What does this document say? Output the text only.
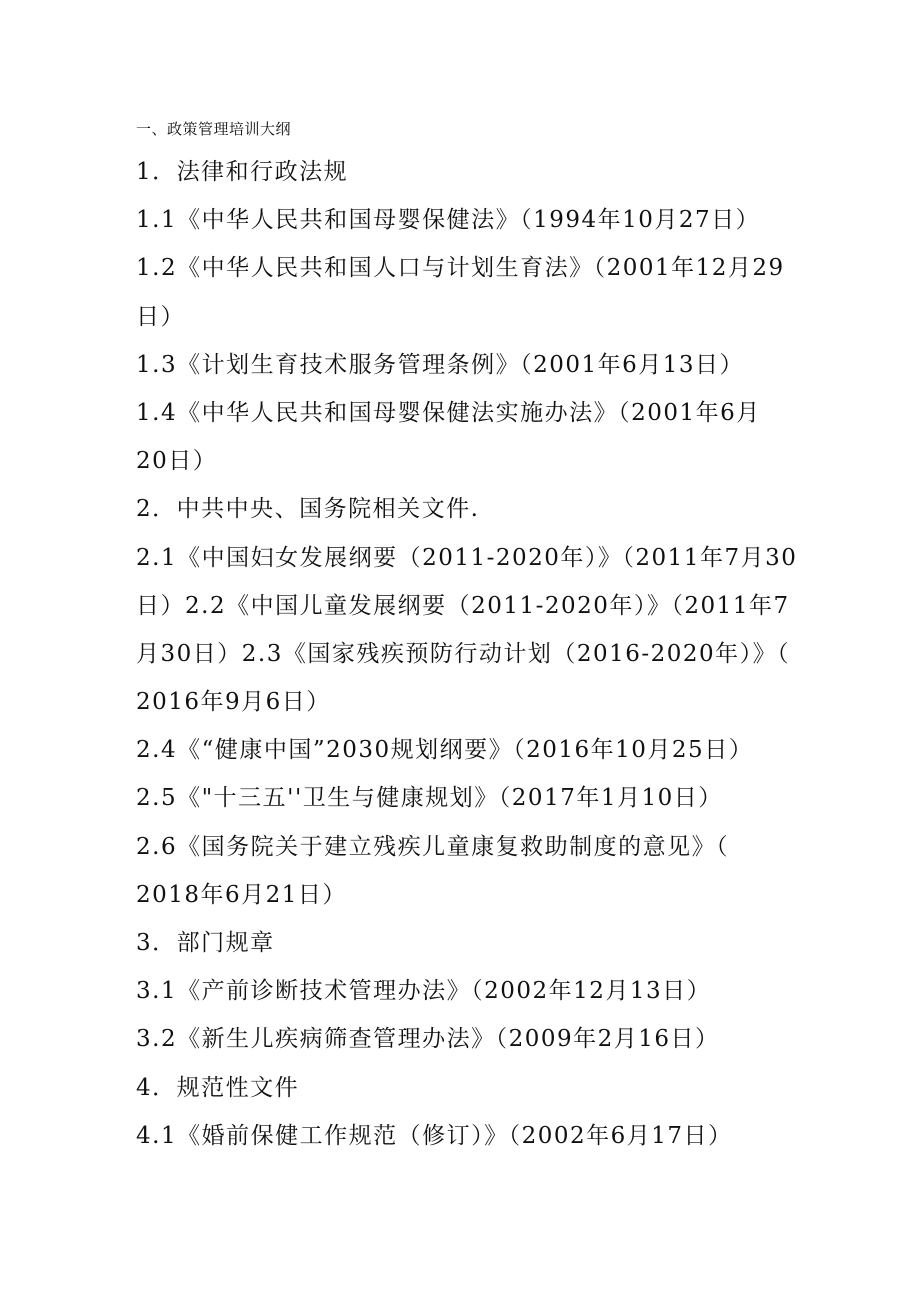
一、政策管理培训大纲
1．法律和行政法规
1.1《中华人民共和国母婴保健法》（1994年10月27日）
1.2《中华人民共和国人口与计划生育法》（2001年12月29
日）
1.3《计划生育技术服务管理条例》（2001年6月13日）
1.4《中华人民共和国母婴保健法实施办法》（2001年6月
20日）
2．中共中央、国务院相关文件.
2.1《中国妇女发展纲要（2011-2020年）》（2011年7月30
日）2.2《中国儿童发展纲要（2011-2020年）》（2011年7
月30日）2.3《国家残疾预防行动计划（2016-2020年）》（
2016年9月6日）
2.4《“健康中国”2030规划纲要》（2016年10月25日）
2.5《"十三五''卫生与健康规划》（2017年1月10日）
2.6《国务院关于建立残疾儿童康复救助制度的意见》（
2018年6月21日）
3．部门规章
3.1《产前诊断技术管理办法》（2002年12月13日）
3.2《新生儿疾病筛查管理办法》（2009年2月16日）
4．规范性文件
4.1《婚前保健工作规范（修订）》（2002年6月17日）
